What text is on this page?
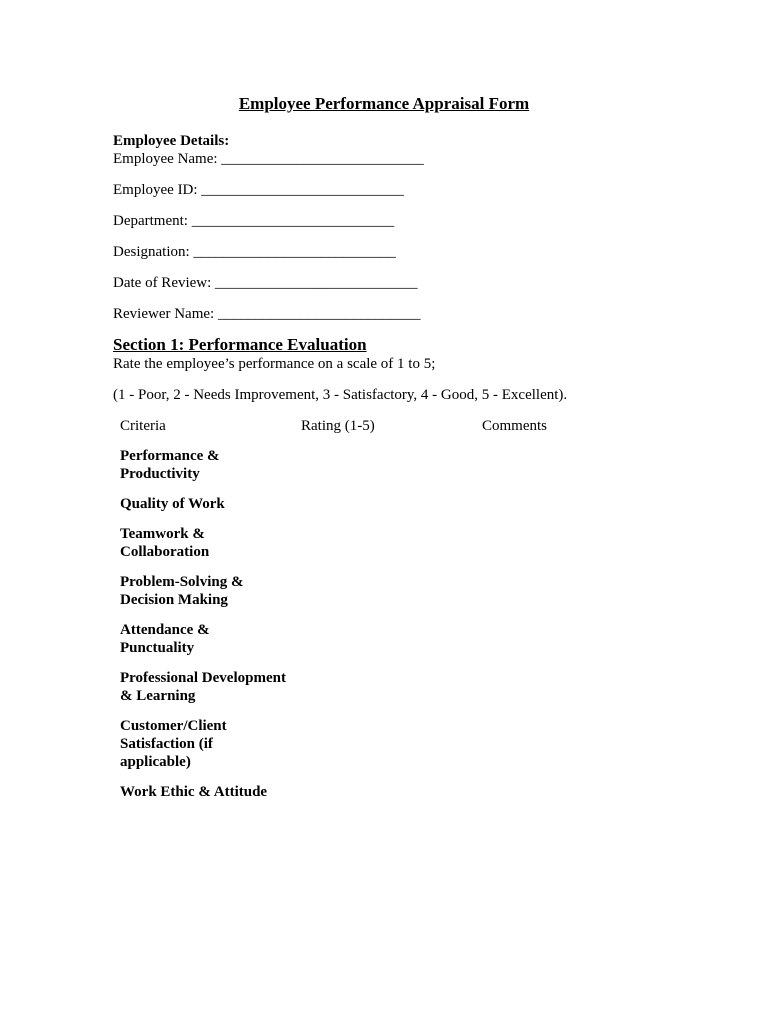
Employee Performance Appraisal Form
Employee Details:
Employee Name: ___________________________
Employee ID: ___________________________
Department: ___________________________
Designation: ___________________________
Date of Review: ___________________________
Reviewer Name: ___________________________
Section 1: Performance Evaluation
Rate the employee’s performance on a scale of 1 to 5;
(1 - Poor, 2 - Needs Improvement, 3 - Satisfactory, 4 - Good, 5 - Excellent).
Criteria	Rating (1-5)	Comments
Performance & Productivity		
Quality of Work		
Teamwork & Collaboration		
Problem-Solving & Decision Making		
Attendance & Punctuality		
Professional Development & Learning		
Customer/Client Satisfaction (if applicable)		
Work Ethic & Attitude		
